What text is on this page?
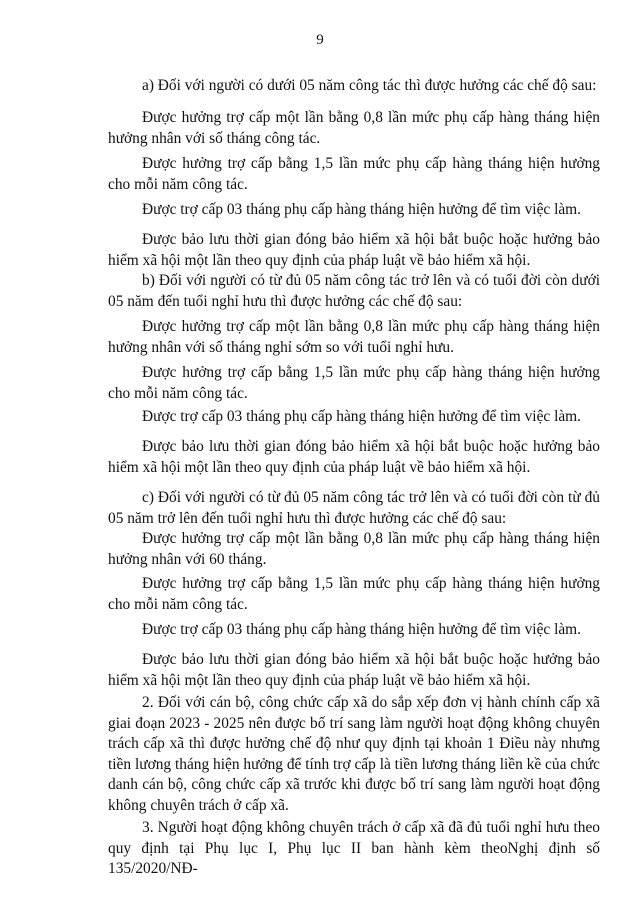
9
a) Đối với người có dưới 05 năm công tác thì được hưởng các chế độ sau:
Được hưởng trợ cấp một lần bằng 0,8 lần mức phụ cấp hàng tháng hiện hưởng nhân với số tháng công tác.
Được hưởng trợ cấp bằng 1,5 lần mức phụ cấp hàng tháng hiện hưởng cho mỗi năm công tác.
Được trợ cấp 03 tháng phụ cấp hàng tháng hiện hưởng để tìm việc làm.
Được bảo lưu thời gian đóng bảo hiểm xã hội bắt buộc hoặc hưởng bảo hiểm xã hội một lần theo quy định của pháp luật về bảo hiểm xã hội.
b) Đối với người có từ đủ 05 năm công tác trở lên và có tuổi đời còn dưới 05 năm đến tuổi nghỉ hưu thì được hưởng các chế độ sau:
Được hưởng trợ cấp một lần bằng 0,8 lần mức phụ cấp hàng tháng hiện hưởng nhân với số tháng nghỉ sớm so với tuổi nghỉ hưu.
Được hưởng trợ cấp bằng 1,5 lần mức phụ cấp hàng tháng hiện hưởng cho mỗi năm công tác.
Được trợ cấp 03 tháng phụ cấp hàng tháng hiện hưởng để tìm việc làm.
Được bảo lưu thời gian đóng bảo hiểm xã hội bắt buộc hoặc hưởng bảo hiểm xã hội một lần theo quy định của pháp luật về bảo hiểm xã hội.
c) Đối với người có từ đủ 05 năm công tác trở lên và có tuổi đời còn từ đủ 05 năm trở lên đến tuổi nghỉ hưu thì được hưởng các chế độ sau:
Được hưởng trợ cấp một lần bằng 0,8 lần mức phụ cấp hàng tháng hiện hưởng nhân với 60 tháng.
Được hưởng trợ cấp bằng 1,5 lần mức phụ cấp hàng tháng hiện hưởng cho mỗi năm công tác.
Được trợ cấp 03 tháng phụ cấp hàng tháng hiện hưởng để tìm việc làm.
Được bảo lưu thời gian đóng bảo hiểm xã hội bắt buộc hoặc hưởng bảo hiểm xã hội một lần theo quy định của pháp luật về bảo hiểm xã hội.
2. Đối với cán bộ, công chức cấp xã do sắp xếp đơn vị hành chính cấp xã giai đoạn 2023 - 2025 nên được bố trí sang làm người hoạt động không chuyên trách cấp xã thì được hưởng chế độ như quy định tại khoản 1 Điều này nhưng tiền lương tháng hiện hưởng để tính trợ cấp là tiền lương tháng liền kề của chức danh cán bộ, công chức cấp xã trước khi được bố trí sang làm người hoạt động không chuyên trách ở cấp xã.
3. Người hoạt động không chuyên trách ở cấp xã đã đủ tuổi nghỉ hưu theo quy định tại Phụ lục I, Phụ lục II ban hành kèm theoNghị định số 135/2020/NĐ-
